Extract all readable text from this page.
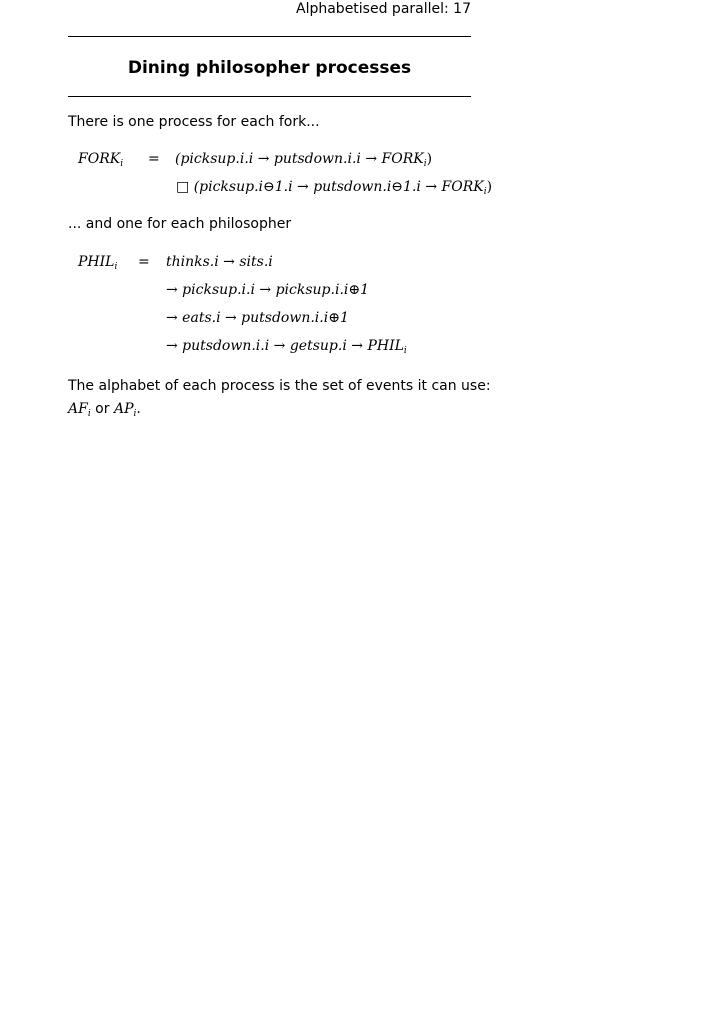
Alphabetised parallel: 17
Dining philosopher processes
There is one process for each fork...
$FORK_i$ = (picksup.i.i → putsdown.i.i → $FORK_i$)
□ (picksup.i⊖1.i → putsdown.i⊖1.i → $FORK_i$)
... and one for each philosopher
$PHIL_i$ = thinks.i → sits.i
→ picksup.i.i → picksup.i.i⊕1
→ eats.i → putsdown.i.i⊕1
→ putsdown.i.i → getsup.i → $PHIL_i$
The alphabet of each process is the set of events it can use:
$AF_i$ or $AP_i$.
